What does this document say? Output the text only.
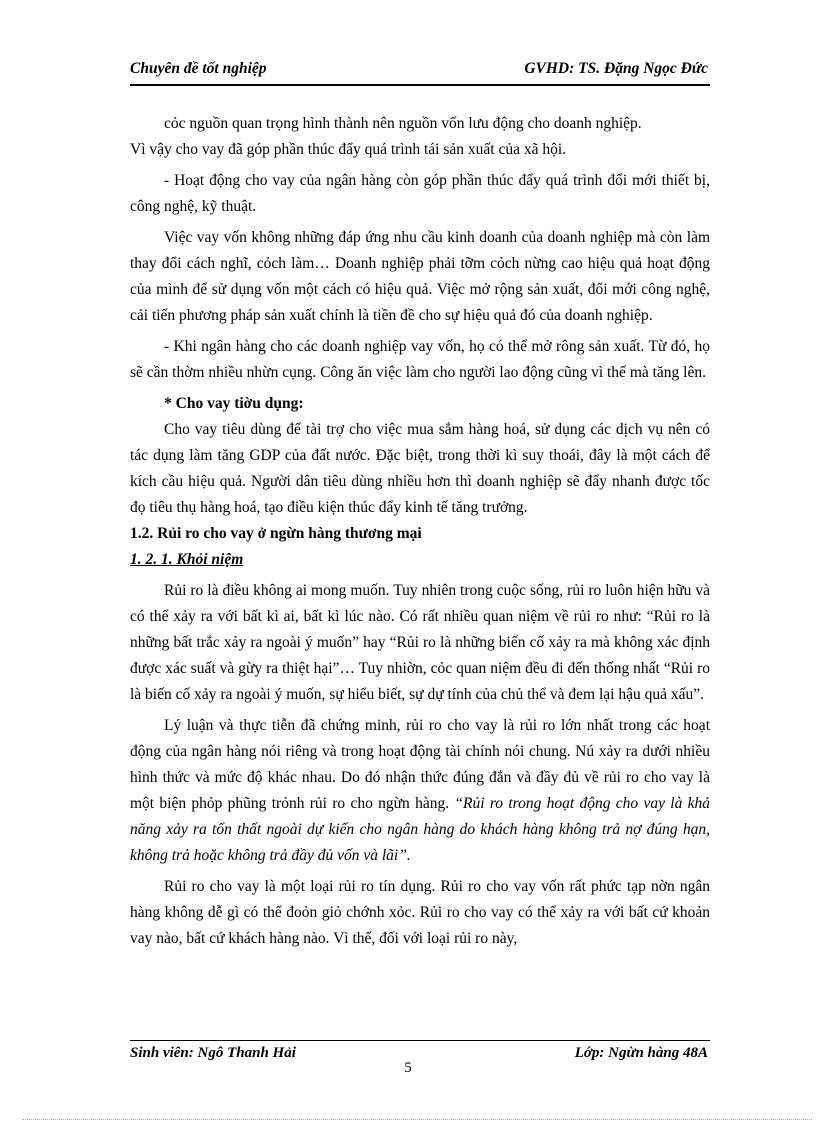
Chuyên đề tốt nghiệp	GVHD: TS. Đặng Ngọc Đức

cỏc nguồn quan trọng hình thành nên nguồn vốn lưu động cho doanh nghiệp.

Vì vậy cho vay đã góp phần thúc đẩy quá trình tái sản xuất của xã hội.

- Hoạt động cho vay của ngân hàng còn góp phần thúc đẩy quá trình đổi mới thiết bị, công nghệ, kỹ thuật.

Việc vay vốn không những đáp ứng nhu cầu kinh doanh của doanh nghiệp mà còn làm thay đổi cách nghĩ, cỏch làm… Doanh nghiệp phải tỡm cỏch nừng cao hiệu quả hoạt động của mình để sử dụng vốn một cách có hiệu quả. Việc mở rộng sản xuất, đổi mới công nghệ, cải tiến phương pháp sản xuất chính là tiền đề cho sự hiệu quả đó của doanh nghiệp.

- Khi ngân hàng cho các doanh nghiệp vay vốn, họ có thể mở rông sản xuất. Từ đó, họ sẽ cần thờm nhiều nhừn cụng. Công ăn việc làm cho người lao động cũng vì thế mà tăng lên.

* Cho vay tiờu dụng:

Cho vay tiêu dùng để tài trợ cho việc mua sắm hàng hoá, sử dụng các dịch vụ nên có tác dụng làm tăng GDP của đất nước. Đặc biệt, trong thời kì suy thoái, đây là một cách để kích cầu hiệu quả. Người dân tiêu dùng nhiều hơn thì doanh nghiệp sẽ đẩy nhanh được tốc đọ tiêu thụ hàng hoá, tạo điều kiện thúc đẩy kinh tế tăng trưởng.

1.2. Rủi ro cho vay ở ngừn hàng thương mại

1. 2. 1. Khỏi niệm

Rủi ro là điều không ai mong muốn. Tuy nhiên trong cuộc sống, rủi ro luôn hiện hữu và có thể xảy ra với bất kì ai, bất kì lúc nào. Có rất nhiều quan niệm về rủi ro như: “Rủi ro là những bất trắc xảy ra ngoài ý muốn” hay “Rủi ro là những biến cố xảy ra mà không xác định được xác suất và gừy ra thiệt hại”… Tuy nhiờn, cỏc quan niệm đều đi đến thống nhất “Rủi ro là biến cố xảy ra ngoài ý muốn, sự hiểu biết, sự dự tính của chủ thể và đem lại hậu quả xấu”.

Lý luận và thực tiễn đã chứng minh, rủi ro cho vay là rủi ro lớn nhất trong các hoạt động của ngân hàng nói riêng và trong hoạt động tài chính nói chung. Nú xảy ra dưới nhiều hình thức và mức độ khác nhau. Do đó nhận thức đúng đắn và đầy đủ về rủi ro cho vay là một biện phỏp phũng trỏnh rủi ro cho ngừn hàng. “Rủi ro trong hoạt động cho vay là khả năng xảy ra tổn thất ngoài dự kiến cho ngân hàng do khách hàng không trả nợ đúng hạn, không trả hoặc không trả đầy đủ vốn và lãi”.

Rủi ro cho vay là một loại rủi ro tín dụng. Rủi ro cho vay vốn rất phức tạp nờn ngân hàng không dễ gì có thể đoỏn giỏ chớnh xỏc. Rủi ro cho vay có thể xảy ra với bất cứ khoản vay nào, bất cứ khách hàng nào. Vì thế, đối với loại rủi ro này,

Sinh viên: Ngô Thanh Hải	Lớp: Ngừn hàng 48A
5
